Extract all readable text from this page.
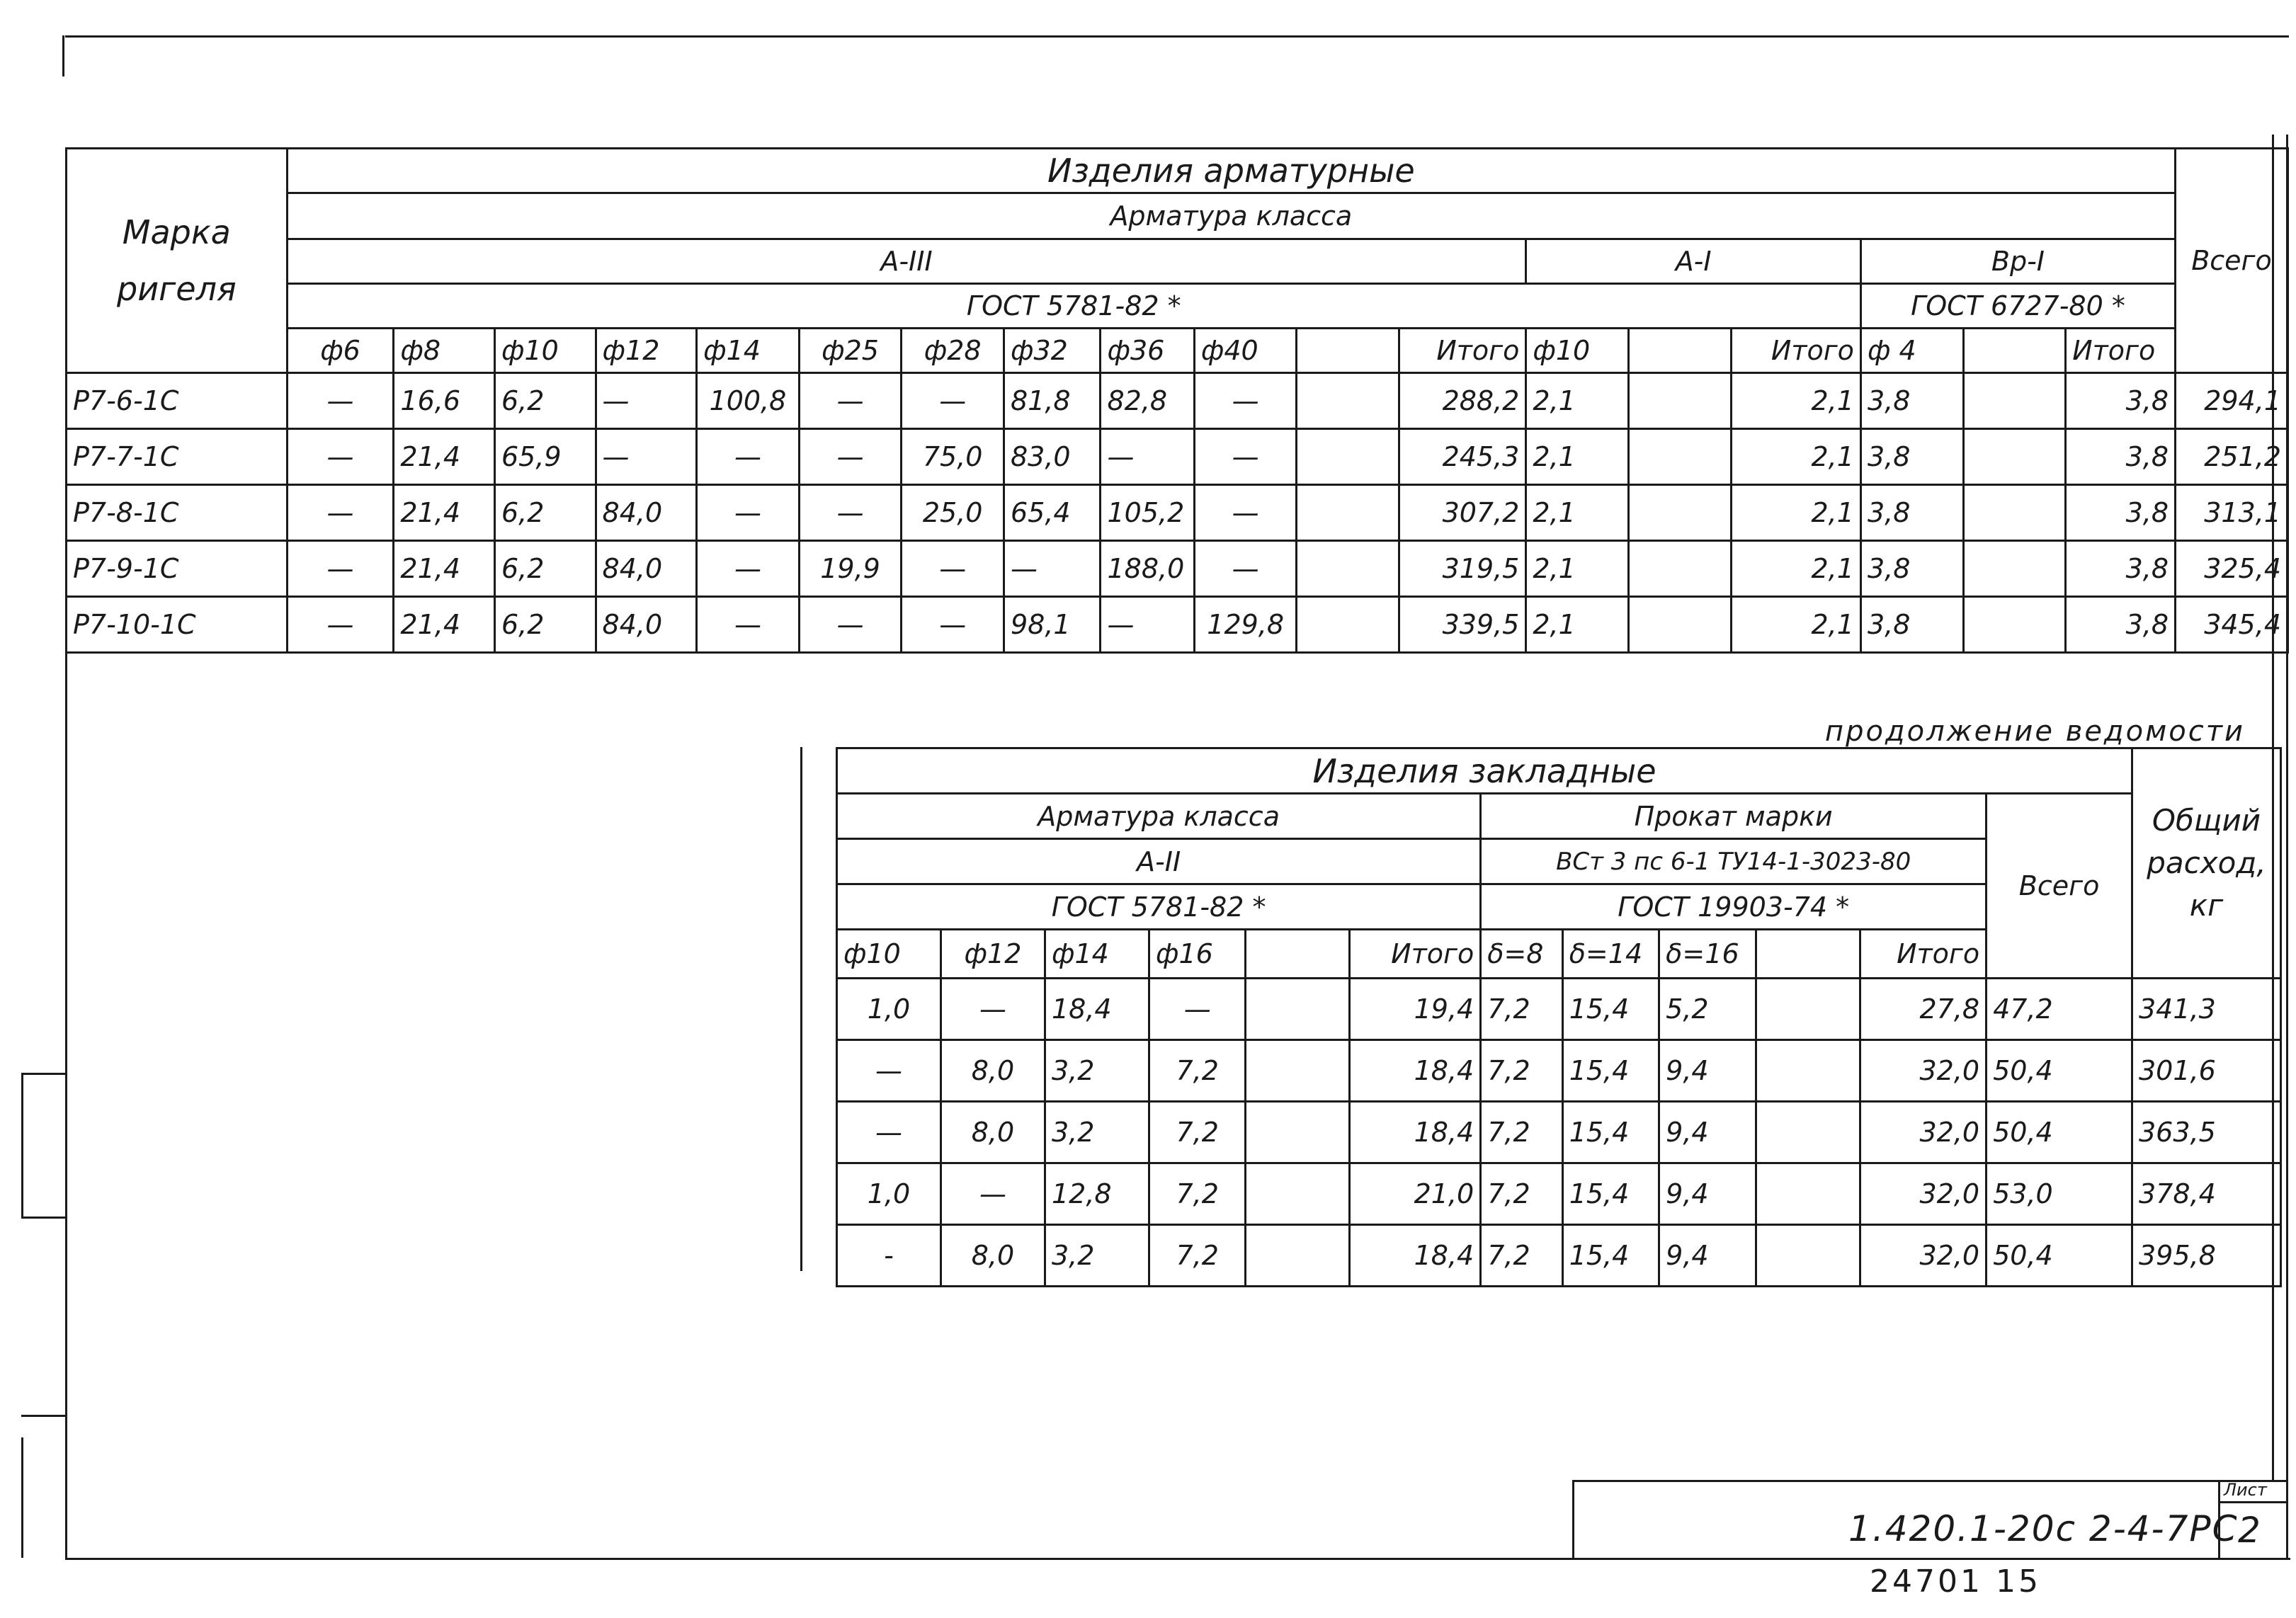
Марка ригеля	Изделия арматурные																		Всего
	Арматура класса																		
	А-III												А-I			Вр-I			
	ГОСТ 5781-82 *															ГОСТ 6727-80 *			
	ф6	ф8	ф10	ф12	ф14	ф25	ф28	ф32	ф36	ф40		Итого	ф10		Итого	ф 4		Итого	
Р7-6-1С	—	16,6	6,2	—	100,8	—	—	81,8	82,8	—		288,2	2,1		2,1	3,8		3,8	294,1
Р7-7-1С	—	21,4	65,9	—	—	—	75,0	83,0	—	—		245,3	2,1		2,1	3,8		3,8	251,2
Р7-8-1С	—	21,4	6,2	84,0	—	—	25,0	65,4	105,2	—		307,2	2,1		2,1	3,8		3,8	313,1
Р7-9-1С	—	21,4	6,2	84,0	—	19,9	—	—	188,0	—		319,5	2,1		2,1	3,8		3,8	325,4
Р7-10-1С	—	21,4	6,2	84,0	—	—	—	98,1	—	129,8		339,5	2,1		2,1	3,8		3,8	345,4
продолжение ведомости
Изделия закладные												Общий расход, кг
Арматура класса						Прокат марки					Всего	
А-II						ВСт 3 пс 6-1 ТУ14-1-3023-80						
ГОСТ 5781-82 *						ГОСТ 19903-74 *						
ф10	ф12	ф14	ф16		Итого	δ=8	δ=14	δ=16		Итого		
1,0	—	18,4	—		19,4	7,2	15,4	5,2		27,8	47,2	341,3
—	8,0	3,2	7,2		18,4	7,2	15,4	9,4		32,0	50,4	301,6
—	8,0	3,2	7,2		18,4	7,2	15,4	9,4		32,0	50,4	363,5
1,0	—	12,8	7,2		21,0	7,2	15,4	9,4		32,0	53,0	378,4
-	8,0	3,2	7,2		18,4	7,2	15,4	9,4		32,0	50,4	395,8
1.420.1-20с 2-4-7РС
Лист
2
24701 15
